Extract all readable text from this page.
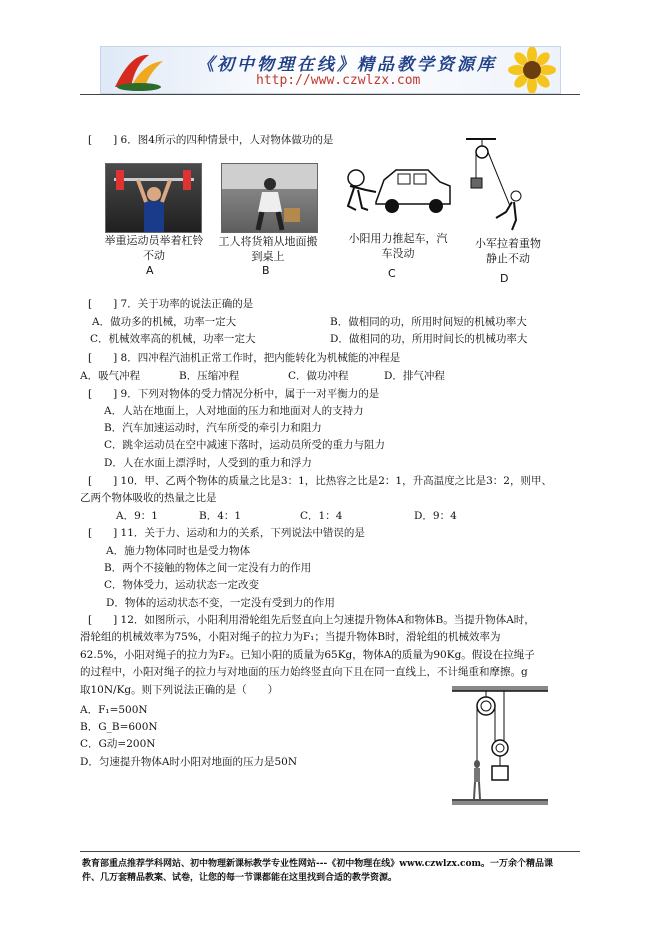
《初中物理在线》精品教学资源库
http://www.czwlzx.com
[　　] 6．图4所示的四种情景中，人对物体做功的是
举重运动员举着杠铃不动
A
工人将货箱从地面搬到桌上
B
小阳用力推起车，汽车没动
C
小军拉着重物静止不动
D
[　　] 7．关于功率的说法正确的是
A．做功多的机械，功率一定大	B．做相同的功，所用时间短的机械功率大
C．机械效率高的机械，功率一定大	D．做相同的功，所用时间长的机械功率大
[　　] 8．四冲程汽油机正常工作时，把内能转化为机械能的冲程是
A．吸气冲程	B．压缩冲程	C．做功冲程	D．排气冲程
[　　] 9．下列对物体的受力情况分析中，属于一对平衡力的是
A．人站在地面上，人对地面的压力和地面对人的支持力
B．汽车加速运动时，汽车所受的牵引力和阻力
C．跳伞运动员在空中减速下落时，运动员所受的重力与阻力
D．人在水面上漂浮时，人受到的重力和浮力
[　　] 10．甲、乙两个物体的质量之比是3：1，比热容之比是2：1，升高温度之比是3：2，则甲、
乙两个物体吸收的热量之比是
A．9：1	B．4：1	C．1：4	D．9：4
[　　] 11．关于力、运动和力的关系，下列说法中错误的是
A．施力物体同时也是受力物体
B．两个不接触的物体之间一定没有力的作用
C．物体受力，运动状态一定改变
D．物体的运动状态不变，一定没有受到力的作用
[　　] 12．如图所示，小阳利用滑轮组先后竖直向上匀速提升物体A和物体B。当提升物体A时，
滑轮组的机械效率为75%，小阳对绳子的拉力为F₁；当提升物体B时，滑轮组的机械效率为
62.5%，小阳对绳子的拉力为F₂。已知小阳的质量为65Kg，物体A的质量为90Kg。假设在拉绳子
的过程中，小阳对绳子的拉力与对地面的压力始终竖直向下且在同一直线上，不计绳重和摩擦。g
取10N/Kg。则下列说法正确的是（　　）
A．F₁=500N
B．G_B=600N
C．G动=200N
D．匀速提升物体A时小阳对地面的压力是50N
教育部重点推荐学科网站、初中物理新课标教学专业性网站---《初中物理在线》www.czwlzx.com。一万余个精品课
件、几万套精品教案、试卷，让您的每一节课都能在这里找到合适的教学资源。
